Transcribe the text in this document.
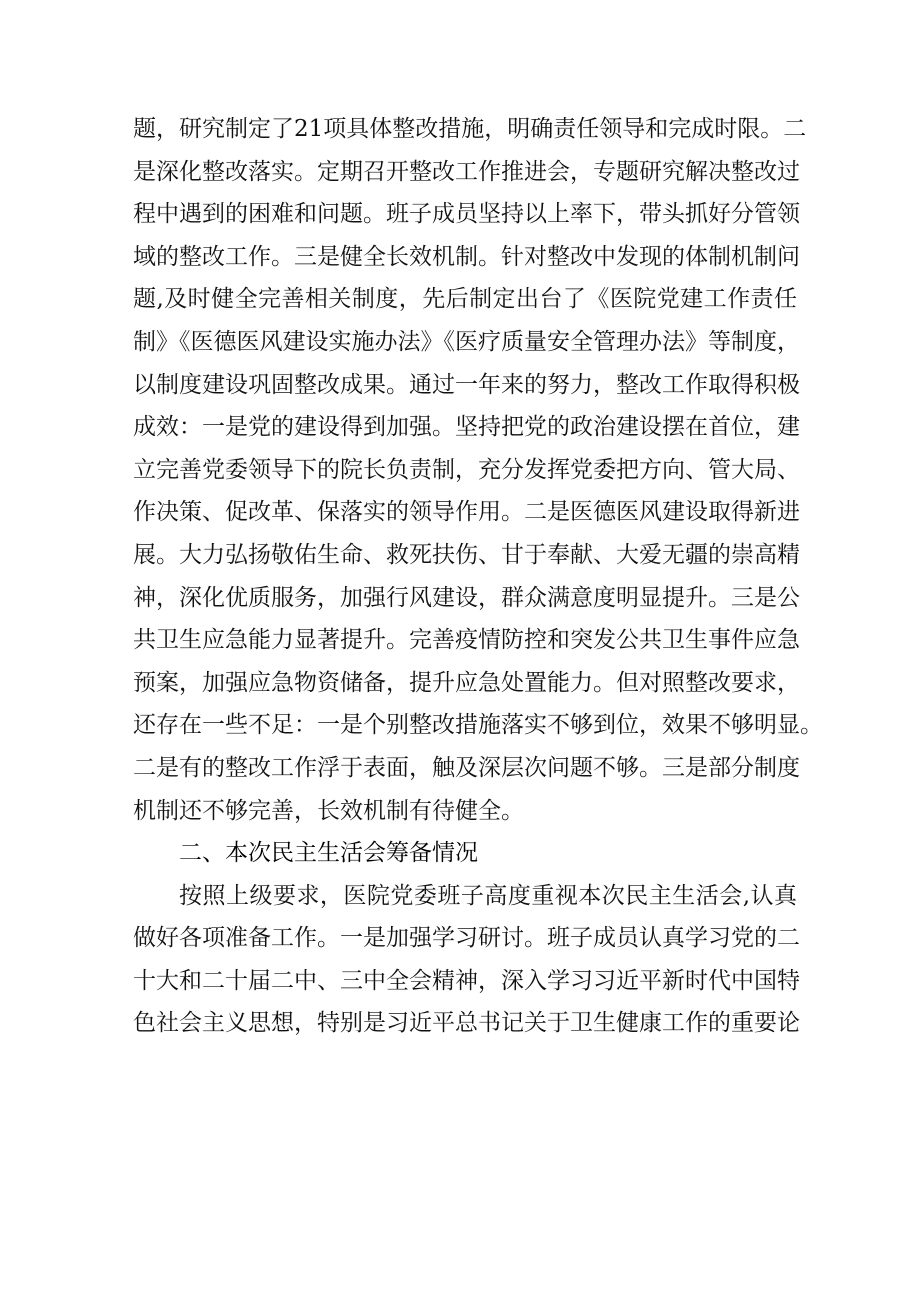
题，研究制定了21项具体整改措施，明确责任领导和完成时限。二
是深化整改落实。定期召开整改工作推进会，专题研究解决整改过
程中遇到的困难和问题。班子成员坚持以上率下，带头抓好分管领
域的整改工作。三是健全长效机制。针对整改中发现的体制机制问
题,及时健全完善相关制度，先后制定出台了《医院党建工作责任
制》《医德医风建设实施办法》《医疗质量安全管理办法》等制度，
以制度建设巩固整改成果。通过一年来的努力，整改工作取得积极
成效：一是党的建设得到加强。坚持把党的政治建设摆在首位，建
立完善党委领导下的院长负责制，充分发挥党委把方向、管大局、
作决策、促改革、保落实的领导作用。二是医德医风建设取得新进
展。大力弘扬敬佑生命、救死扶伤、甘于奉献、大爱无疆的崇高精
神，深化优质服务，加强行风建设，群众满意度明显提升。三是公
共卫生应急能力显著提升。完善疫情防控和突发公共卫生事件应急
预案，加强应急物资储备，提升应急处置能力。但对照整改要求，
还存在一些不足：一是个别整改措施落实不够到位，效果不够明显。
二是有的整改工作浮于表面，触及深层次问题不够。三是部分制度
机制还不够完善，长效机制有待健全。
二、本次民主生活会筹备情况
按照上级要求，医院党委班子高度重视本次民主生活会,认真
做好各项准备工作。一是加强学习研讨。班子成员认真学习党的二
十大和二十届二中、三中全会精神，深入学习习近平新时代中国特
色社会主义思想，特别是习近平总书记关于卫生健康工作的重要论
